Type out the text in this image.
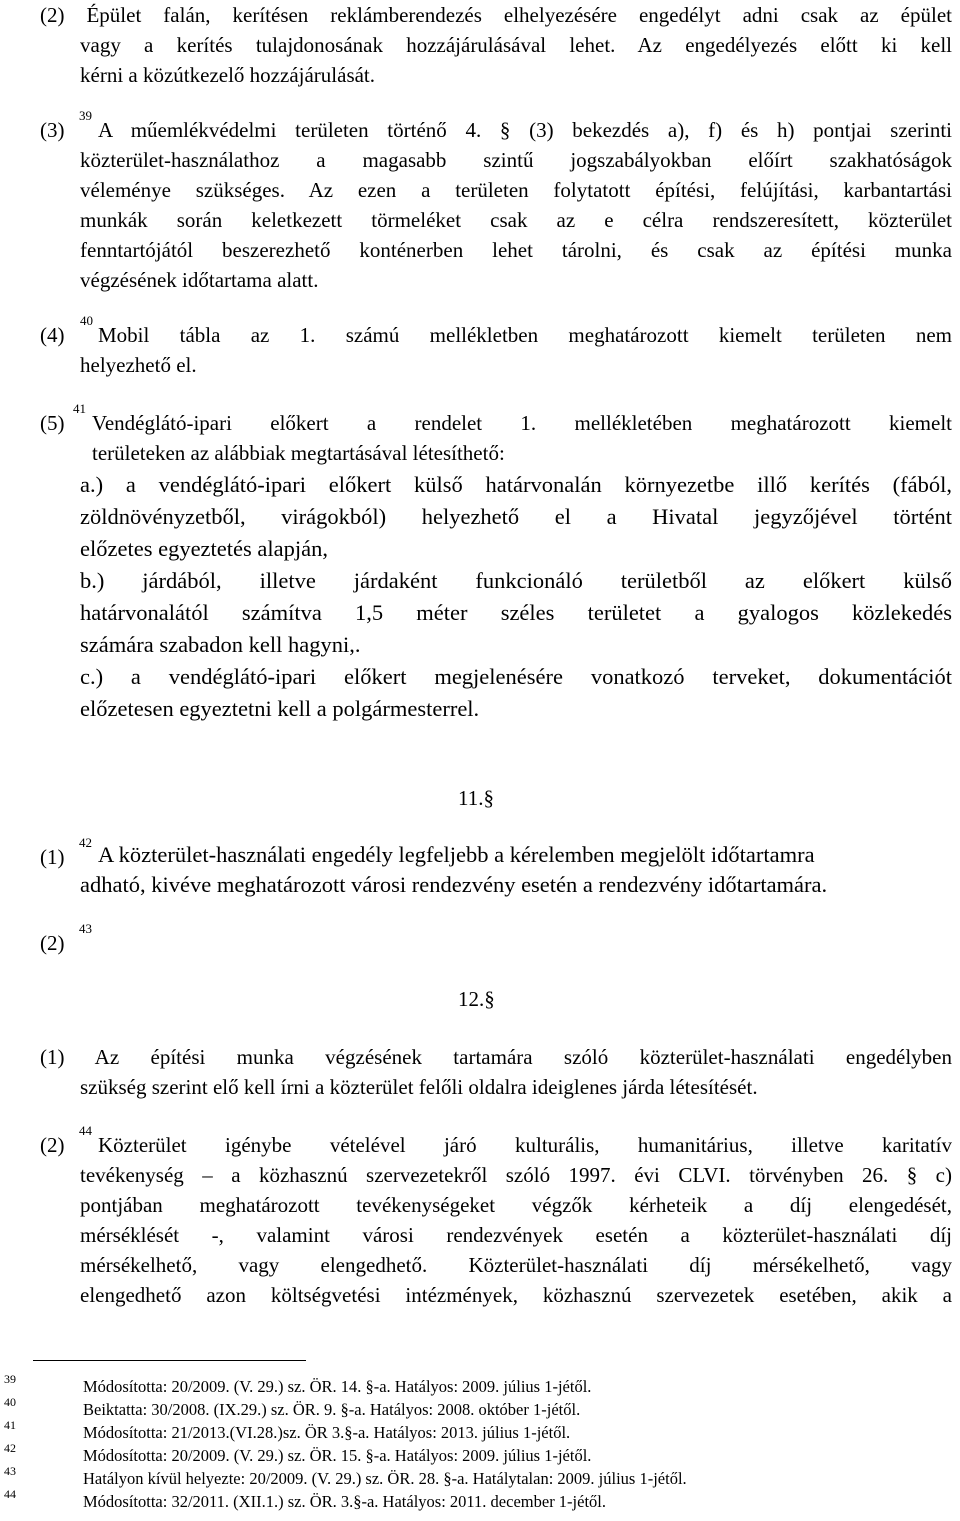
(2) Épület falán, kerítésen reklámberendezés elhelyezésére engedélyt adni csak az épület

vagy a kerítés tulajdonosának hozzájárulásával lehet. Az engedélyezés előtt ki kell

kérni a közútkezelő hozzájárulását.

(3)
39

A műemlékvédelmi területen történő 4. § (3) bekezdés a), f) és h) pontjai szerinti

közterület-használathoz a magasabb szintű jogszabályokban előírt szakhatóságok

véleménye szükséges. Az ezen a területen folytatott építési, felújítási, karbantartási

munkák során keletkezett törmeléket csak az e célra rendszeresített, közterület

fenntartójától beszerezhető konténerben lehet tárolni, és csak az építési munka

végzésének időtartama alatt.

(4)
40

Mobil tábla az 1. számú mellékletben meghatározott kiemelt területen nem

helyezhető el.

(5)
41

Vendéglátó-ipari előkert a rendelet 1. mellékletében meghatározott kiemelt

területeken az alábbiak megtartásával létesíthető:

a.) a vendéglátó-ipari előkert külső határvonalán környezetbe illő kerítés (fából,

zöldnövényzetből, virágokból) helyezhető el a Hivatal jegyzőjével történt

előzetes egyeztetés alapján,

b.) járdából, illetve járdaként funkcionáló területből az előkert külső

határvonalától számítva 1,5 méter széles területet a gyalogos közlekedés

számára szabadon kell hagyni,.

c.) a vendéglátó-ipari előkert megjelenésére vonatkozó terveket, dokumentációt

előzetesen egyeztetni kell a polgármesterrel.

11.§
(1)
42 A közterület-használati engedély legfeljebb a kérelemben megjelölt időtartamra

adható, kivéve meghatározott városi rendezvény esetén a rendezvény időtartamára.

(2)
43
12.§

(1) Az építési munka végzésének tartamára szóló közterület-használati engedélyben

szükség szerint elő kell írni a közterület felőli oldalra ideiglenes járda létesítését.

(2)
44

Közterület igénybe vételével járó kulturális, humanitárius, illetve karitatív

tevékenység – a közhasznú szervezetekről szóló 1997. évi CLVI. törvényben 26. § c)

pontjában meghatározott tevékenységeket végzők kérheteik a díj elengedését,

mérséklését -, valamint városi rendezvények esetén a közterület-használati díj

mérsékelhető, vagy elengedhető. Közterület-használati díj mérsékelhető, vagy

elengedhető azon költségvetési intézmények, közhasznú szervezetek esetében, akik a

39	Módosította: 20/2009. (V. 29.) sz. ÖR. 14. §-a. Hatályos: 2009. július 1-jétől.
40	Beiktatta: 30/2008. (IX.29.) sz. ÖR. 9. §-a. Hatályos: 2008. október 1-jétől.
41	Módosította: 21/2013.(VI.28.)sz. ÖR 3.§-a. Hatályos: 2013. július 1-jétől.
42	Módosította: 20/2009. (V. 29.) sz. ÖR. 15. §-a. Hatályos: 2009. július 1-jétől.
43	Hatályon kívül helyezte: 20/2009. (V. 29.) sz. ÖR. 28. §-a. Hatálytalan: 2009. július 1-jétől.
44	Módosította: 32/2011. (XII.1.) sz. ÖR. 3.§-a. Hatályos: 2011. december 1-jétől.
